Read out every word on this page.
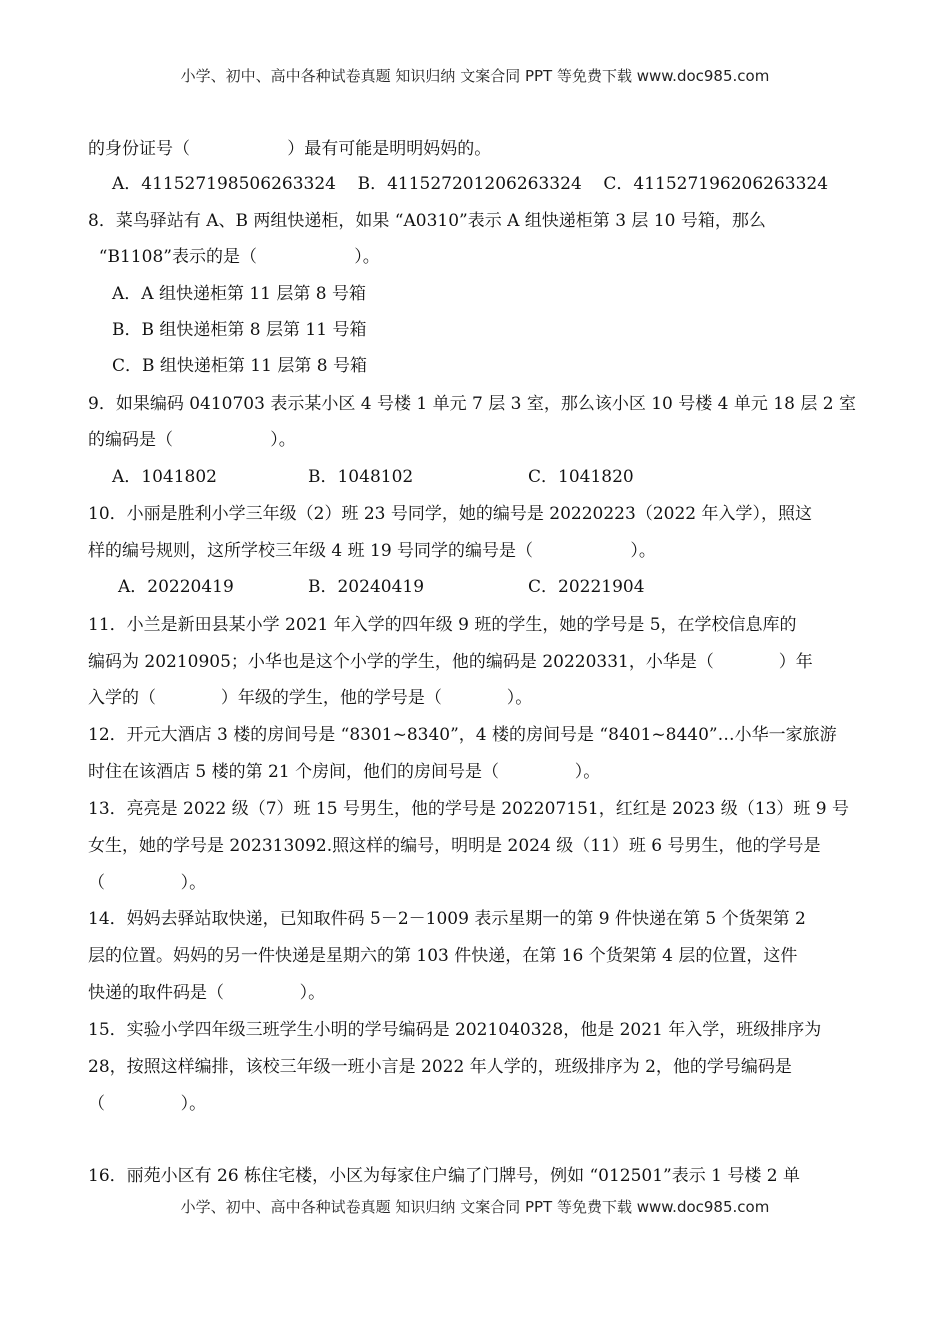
小学、初中、高中各种试卷真题 知识归纳 文案合同 PPT 等免费下载 www.doc985.com
的身份证号（                  ）最有可能是明明妈妈的。
A．411527198506263324    B．411527201206263324    C．411527196206263324
8．菜鸟驿站有 A、B 两组快递柜，如果 “A0310”表示 A 组快递柜第 3 层 10 号箱，那么
“B1108”表示的是（                  ）。
A．A 组快递柜第 11 层第 8 号箱
B．B 组快递柜第 8 层第 11 号箱
C．B 组快递柜第 11 层第 8 号箱
9．如果编码 0410703 表示某小区 4 号楼 1 单元 7 层 3 室，那么该小区 10 号楼 4 单元 18 层 2 室
的编码是（                  ）。
A．1041802	B．1048102	C．1041820
10．小丽是胜利小学三年级（2）班 23 号同学，她的编号是 20220223（2022 年入学），照这
样的编号规则，这所学校三年级 4 班 19 号同学的编号是（                  ）。
A．20220419	B．20240419	C．20221904
11．小兰是新田县某小学 2021 年入学的四年级 9 班的学生，她的学号是 5，在学校信息库的
编码为 20210905；小华也是这个小学的学生，他的编码是 20220331，小华是（            ）年
入学的（            ）年级的学生，他的学号是（            ）。
12．开元大酒店 3 楼的房间号是 “8301~8340”，4 楼的房间号是 “8401~8440”…小华一家旅游
时住在该酒店 5 楼的第 21 个房间，他们的房间号是（              ）。
13．亮亮是 2022 级（7）班 15 号男生，他的学号是 202207151，红红是 2023 级（13）班 9 号
女生，她的学号是 202313092.照这样的编号，明明是 2024 级（11）班 6 号男生，他的学号是
（              ）。
14．妈妈去驿站取快递，已知取件码 5－2－1009 表示星期一的第 9 件快递在第 5 个货架第 2
层的位置。妈妈的另一件快递是星期六的第 103 件快递，在第 16 个货架第 4 层的位置，这件
快递的取件码是（              ）。
15．实验小学四年级三班学生小明的学号编码是 2021040328，他是 2021 年入学，班级排序为
28，按照这样编排，该校三年级一班小言是 2022 年人学的，班级排序为 2，他的学号编码是
（              ）。
16．丽苑小区有 26 栋住宅楼，小区为每家住户编了门牌号，例如 “012501”表示 1 号楼 2 单
小学、初中、高中各种试卷真题 知识归纳 文案合同 PPT 等免费下载 www.doc985.com
